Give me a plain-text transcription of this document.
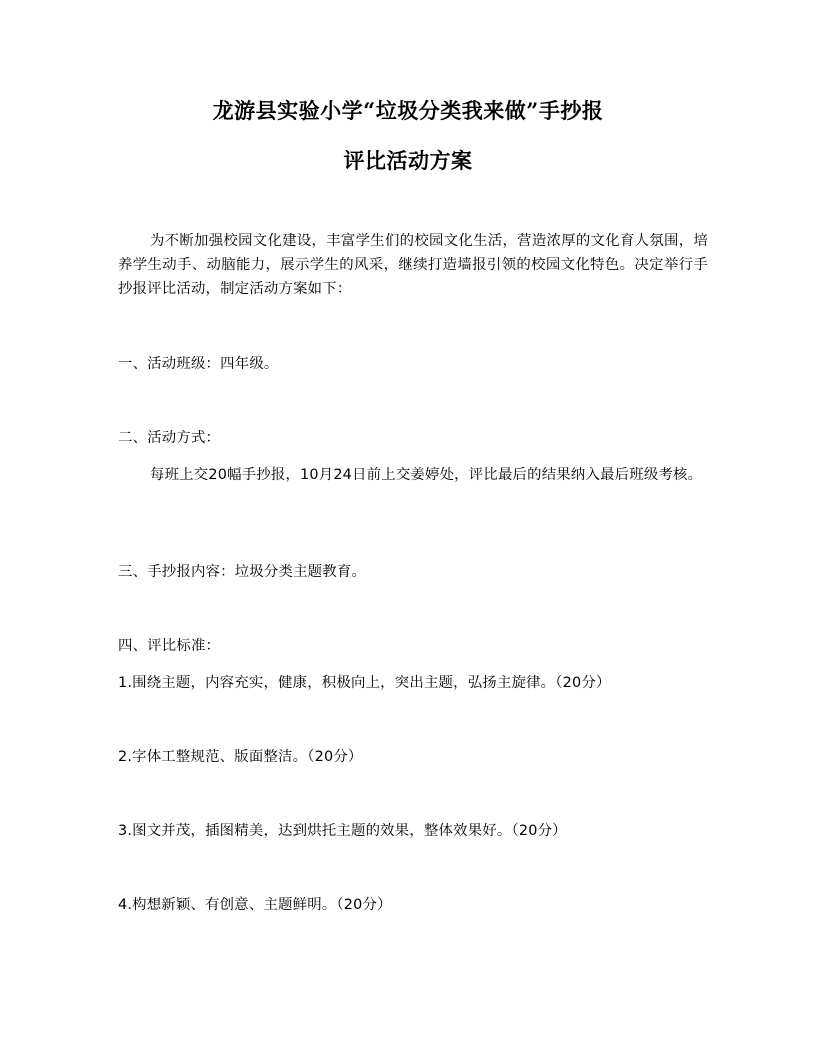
龙游县实验小学“垃圾分类我来做”手抄报
评比活动方案
为不断加强校园文化建设，丰富学生们的校园文化生活，营造浓厚的文化育人氛围，培养学生动手、动脑能力，展示学生的风采，继续打造墙报引领的校园文化特色。决定举行手抄报评比活动，制定活动方案如下：
一、活动班级：四年级。
二、活动方式：
每班上交20幅手抄报，10月24日前上交姜婷处，评比最后的结果纳入最后班级考核。
三、手抄报内容：垃圾分类主题教育。
四、评比标准：
1.围绕主题，内容充实，健康，积极向上，突出主题，弘扬主旋律。（20分）
2.字体工整规范、版面整洁。（20分）
3.图文并茂，插图精美，达到烘托主题的效果，整体效果好。（20分）
4.构想新颖、有创意、主题鲜明。（20分）
